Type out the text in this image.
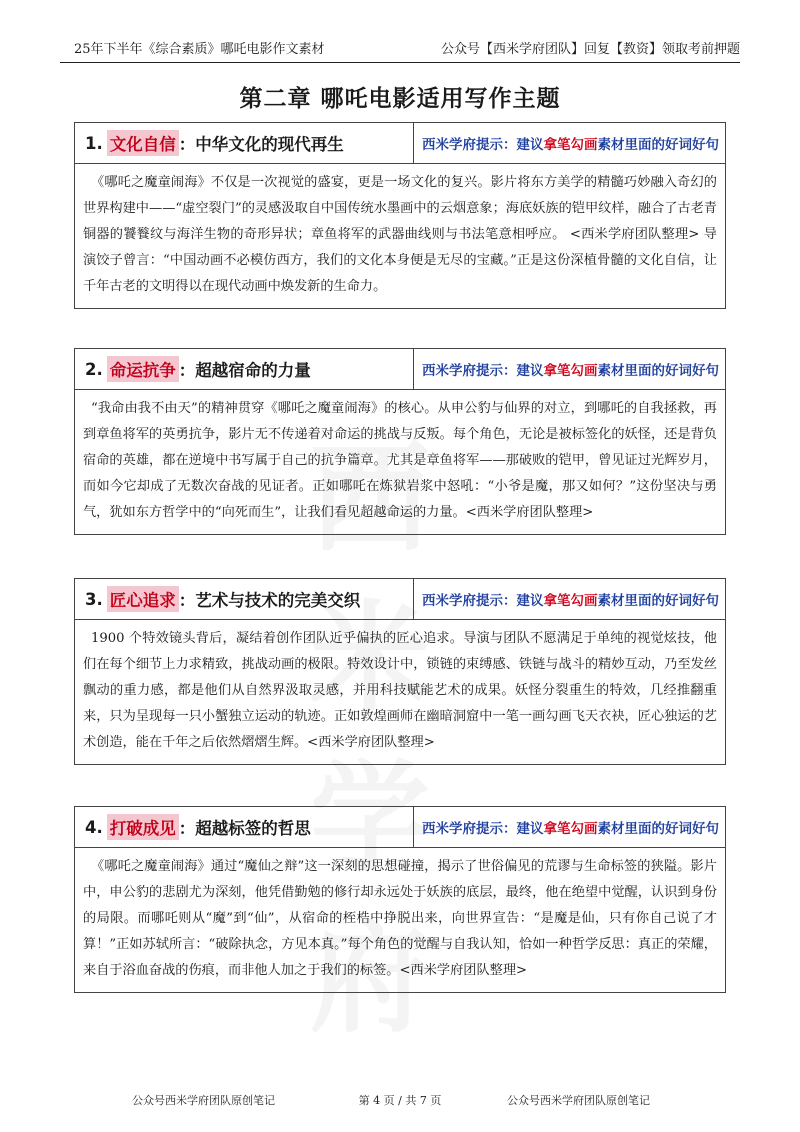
25年下半年《综合素质》哪吒电影作文素材	公众号【西米学府团队】回复【教资】领取考前押题
第二章 哪吒电影适用写作主题
西米学府
1. 文化自信 ：中华文化的现代再生	西米学府提示：建议 拿笔勾画 素材里面的好词好句
《哪吒之魔童闹海》不仅是一次视觉的盛宴，更是一场文化的复兴。影片将东方美学的精髓巧妙融入奇幻的世界构建中——“虚空裂门”的灵感汲取自中国传统水墨画中的云烟意象；海底妖族的铠甲纹样，融合了古老青铜器的饕餮纹与海洋生物的奇形异状；章鱼将军的武器曲线则与书法笔意相呼应。 <西米学府团队整理> 导演饺子曾言：“中国动画不必模仿西方，我们的文化本身便是无尽的宝藏。”正是这份深植骨髓的文化自信，让千年古老的文明得以在现代动画中焕发新的生命力。
2. 命运抗争 ：超越宿命的力量	西米学府提示：建议 拿笔勾画 素材里面的好词好句
“我命由我不由天”的精神贯穿《哪吒之魔童闹海》的核心。从申公豹与仙界的对立，到哪吒的自我拯救，再到章鱼将军的英勇抗争，影片无不传递着对命运的挑战与反叛。每个角色，无论是被标签化的妖怪，还是背负宿命的英雄，都在逆境中书写属于自己的抗争篇章。尤其是章鱼将军——那破败的铠甲，曾见证过光辉岁月，而如今它却成了无数次奋战的见证者。正如哪吒在炼狱岩浆中怒吼：“小爷是魔，那又如何？”这份坚决与勇气，犹如东方哲学中的“向死而生”，让我们看见超越命运的力量。<西米学府团队整理>
3. 匠心追求 ：艺术与技术的完美交织	西米学府提示：建议 拿笔勾画 素材里面的好词好句
1900 个特效镜头背后，凝结着创作团队近乎偏执的匠心追求。导演与团队不愿满足于单纯的视觉炫技，他们在每个细节上力求精致，挑战动画的极限。特效设计中，锁链的束缚感、铁链与战斗的精妙互动，乃至发丝飘动的重力感，都是他们从自然界汲取灵感，并用科技赋能艺术的成果。妖怪分裂重生的特效，几经推翻重来，只为呈现每一只小蟹独立运动的轨迹。正如敦煌画师在幽暗洞窟中一笔一画勾画飞天衣袂，匠心独运的艺术创造，能在千年之后依然熠熠生辉。<西米学府团队整理>
4. 打破成见 ：超越标签的哲思	西米学府提示：建议 拿笔勾画 素材里面的好词好句
《哪吒之魔童闹海》通过“魔仙之辩”这一深刻的思想碰撞，揭示了世俗偏见的荒谬与生命标签的狭隘。影片中，申公豹的悲剧尤为深刻，他凭借勤勉的修行却永远处于妖族的底层，最终，他在绝望中觉醒，认识到身份的局限。而哪吒则从“魔”到“仙”，从宿命的桎梏中挣脱出来，向世界宣告：“是魔是仙，只有你自己说了才算！”正如苏轼所言：“破除执念，方见本真。”每个角色的觉醒与自我认知，恰如一种哲学反思：真正的荣耀，来自于浴血奋战的伤痕，而非他人加之于我们的标签。<西米学府团队整理>
公众号西米学府团队原创笔记	第 4 页 / 共 7 页	公众号西米学府团队原创笔记
